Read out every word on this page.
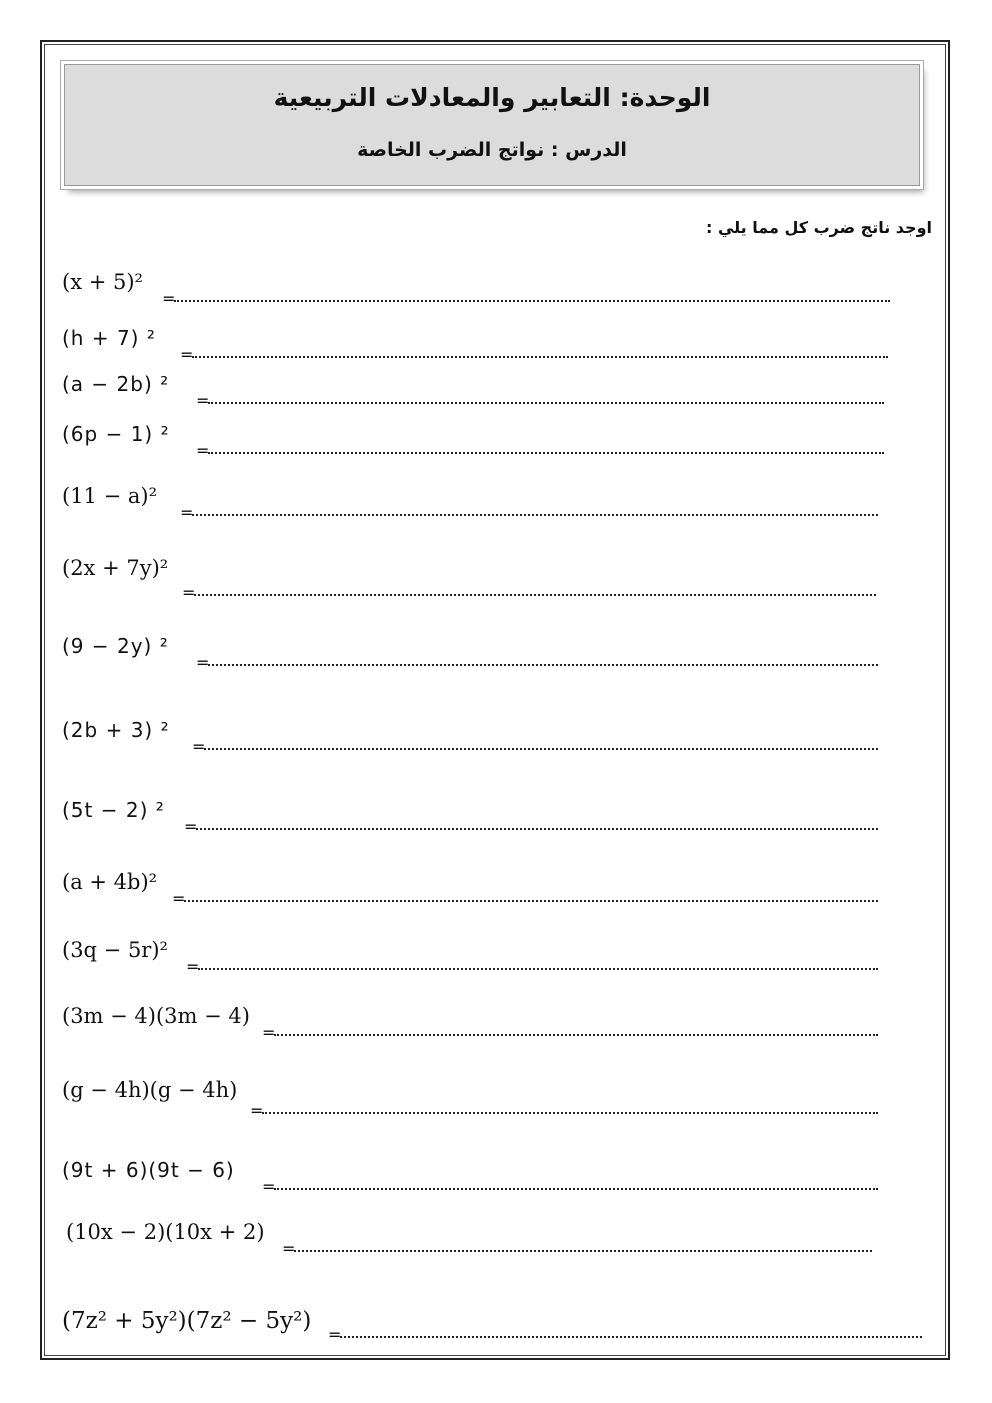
الوحدة: التعابير والمعادلات التربيعية
الدرس : نواتج الضرب الخاصة
اوجد ناتج ضرب كل مما يلي :
(x + 5)²
=
(h + 7) ²
=
(a − 2b) ²
=
(6p − 1) ²
=
(11 − a)²
=
(2x + 7y)²
=
(9 − 2y) ²
=
(2b + 3) ²
=
(5t − 2) ²
=
(a + 4b)²
=
(3q − 5r)²
=
(3m − 4)(3m − 4)
=
(g − 4h)(g − 4h)
=
(9t + 6)(9t − 6)
=
(10x − 2)(10x + 2)
=
(7z² + 5y²)(7z² − 5y²)
=
